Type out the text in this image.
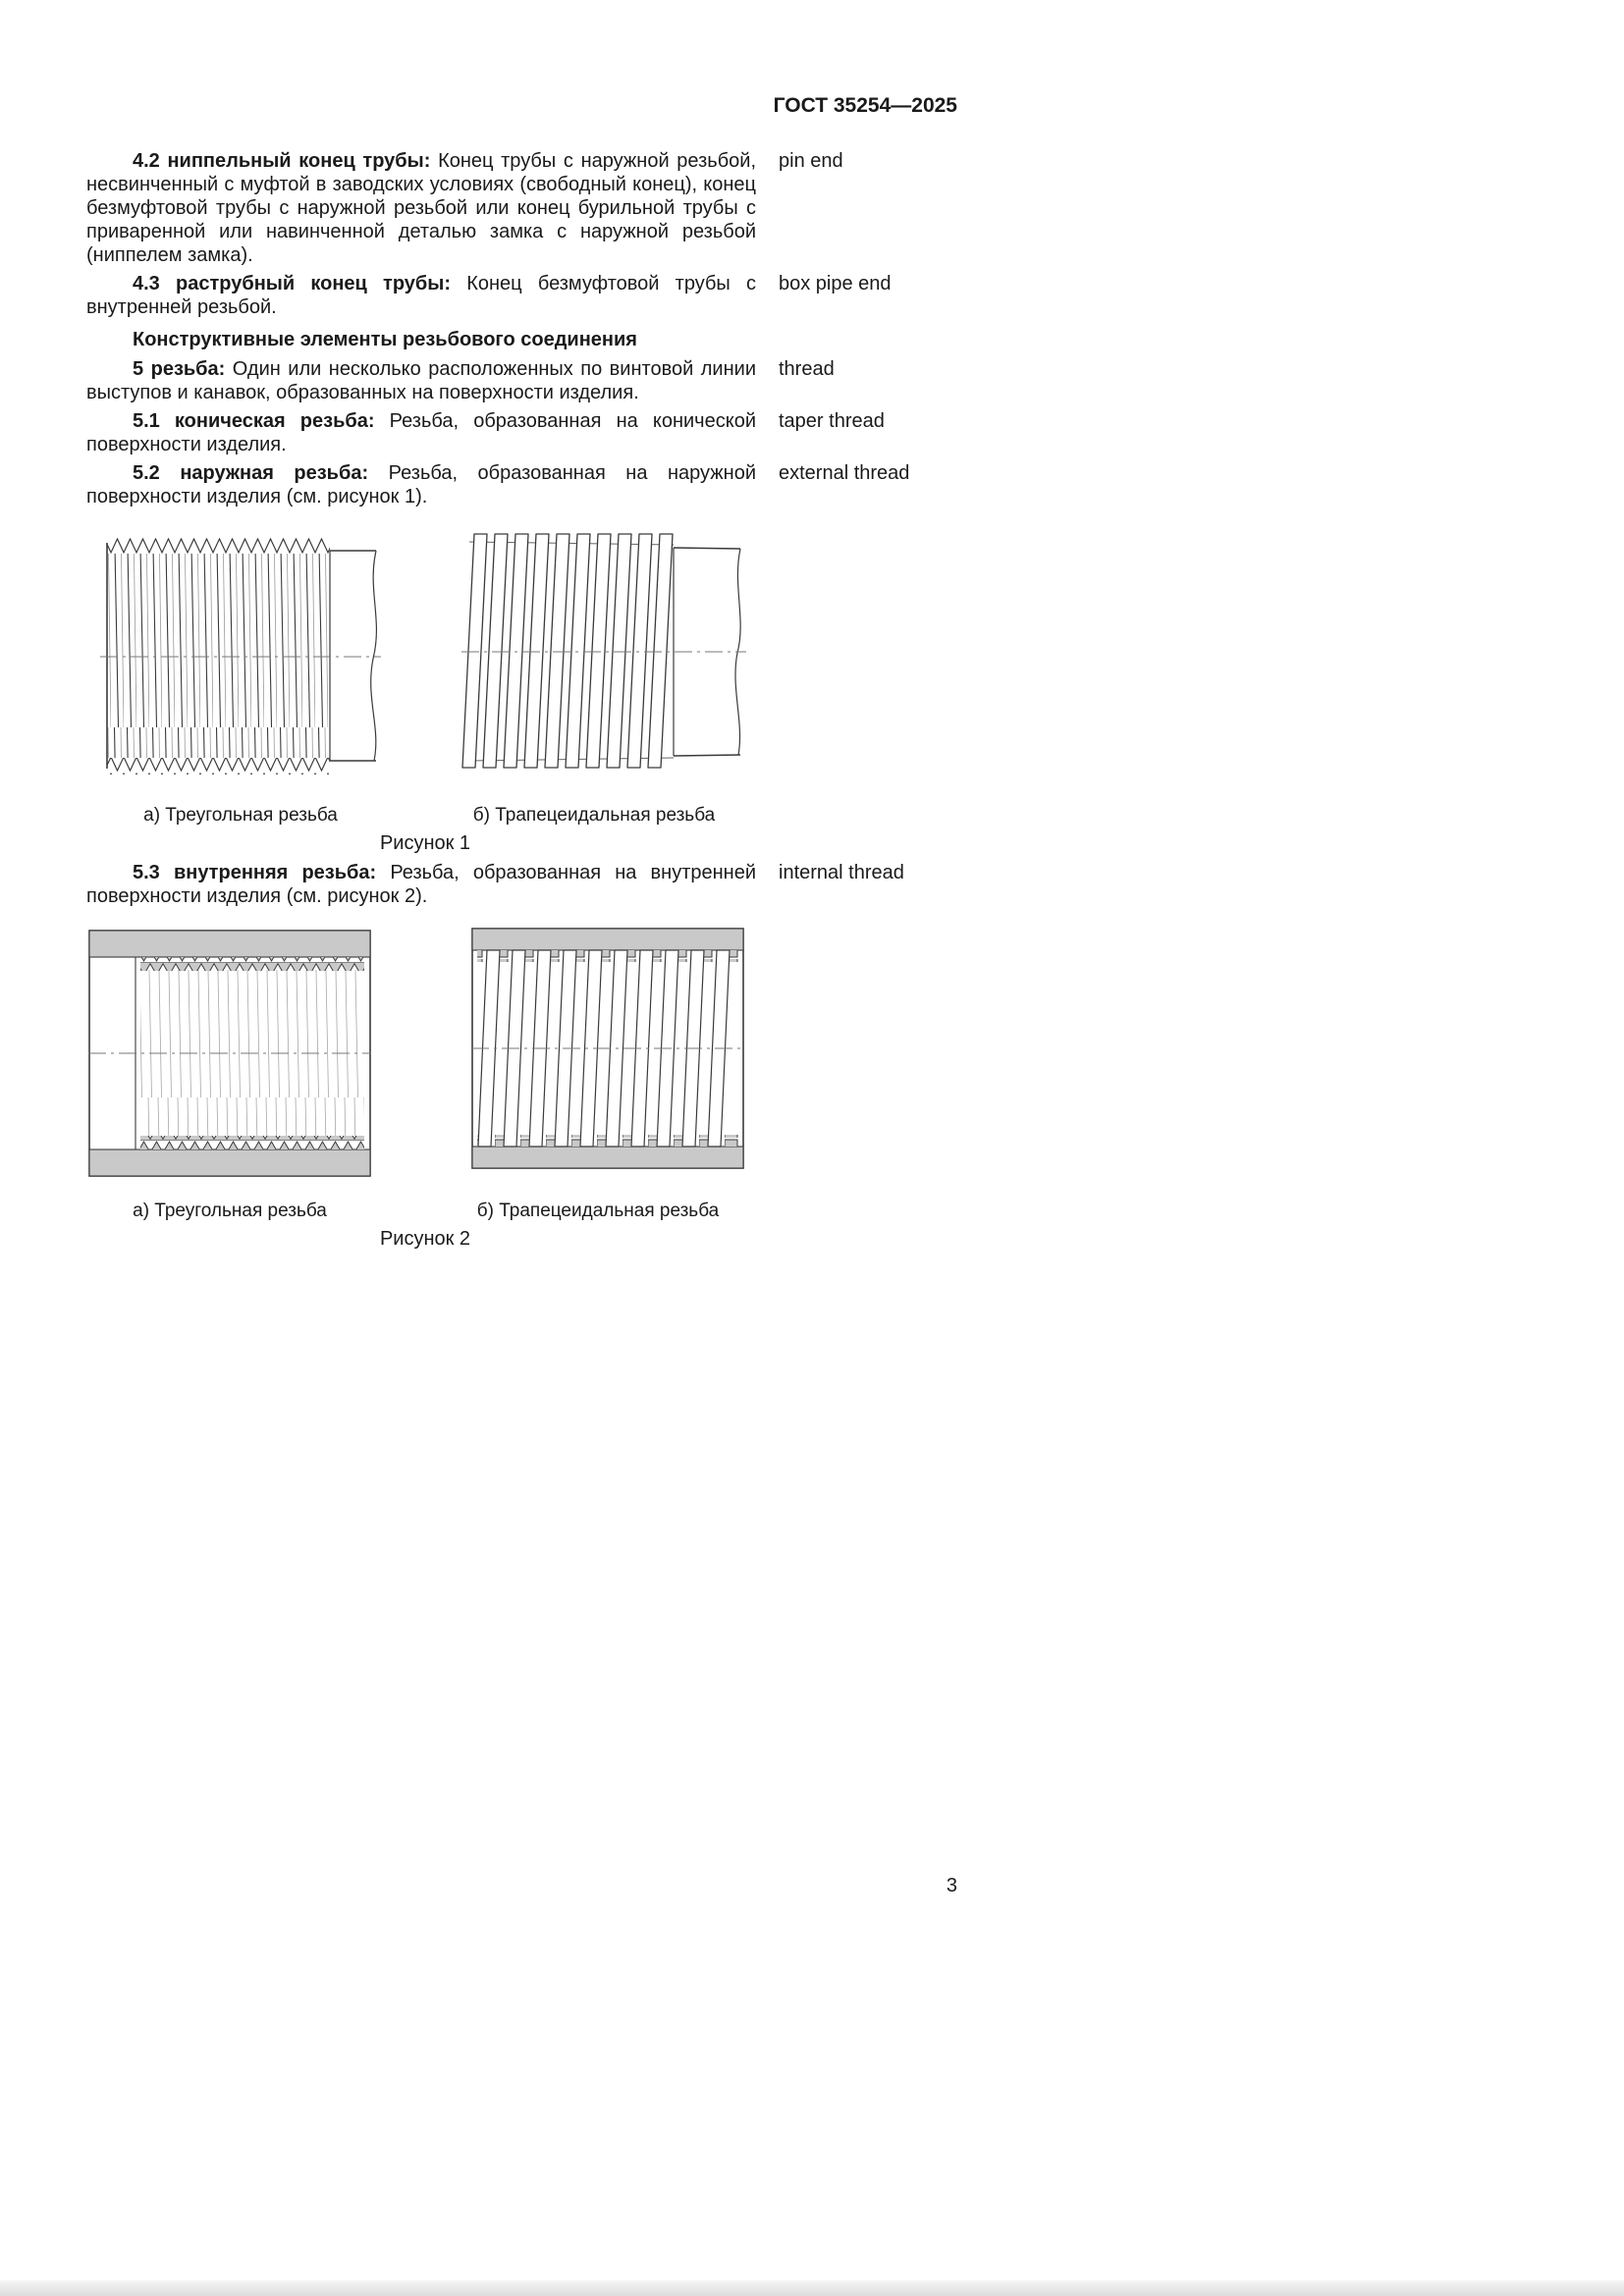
ГОСТ 35254—2025

4.2 ниппельный конец трубы: Конец трубы с наружной резьбой, несвинченный с муфтой в заводских условиях (свободный конец), конец безмуфтовой трубы с наружной резьбой или конец бурильной трубы с приваренной или навинченной деталью замка с наружной резьбой (ниппелем замка).

pin end

4.3 раструбный конец трубы: Конец безмуфтовой трубы с внутренней резьбой.

box pipe end
Конструктивные элементы резьбового соединения

5 резьба: Один или несколько расположенных по винтовой линии выступов и канавок, образованных на поверхности изделия.

thread

5.1 коническая резьба: Резьба, образованная на конической поверхности изделия.

taper thread

5.2 наружная резьба: Резьба, образованная на наружной поверхности изделия (см. рисунок 1).

external thread
а) Треугольная резьба	б) Трапецеидальная резьба
Рисунок 1

5.3 внутренняя резьба: Резьба, образованная на внутренней поверхности изделия (см. рисунок 2).

internal thread
а) Треугольная резьба	б) Трапецеидальная резьба
Рисунок 2
3
